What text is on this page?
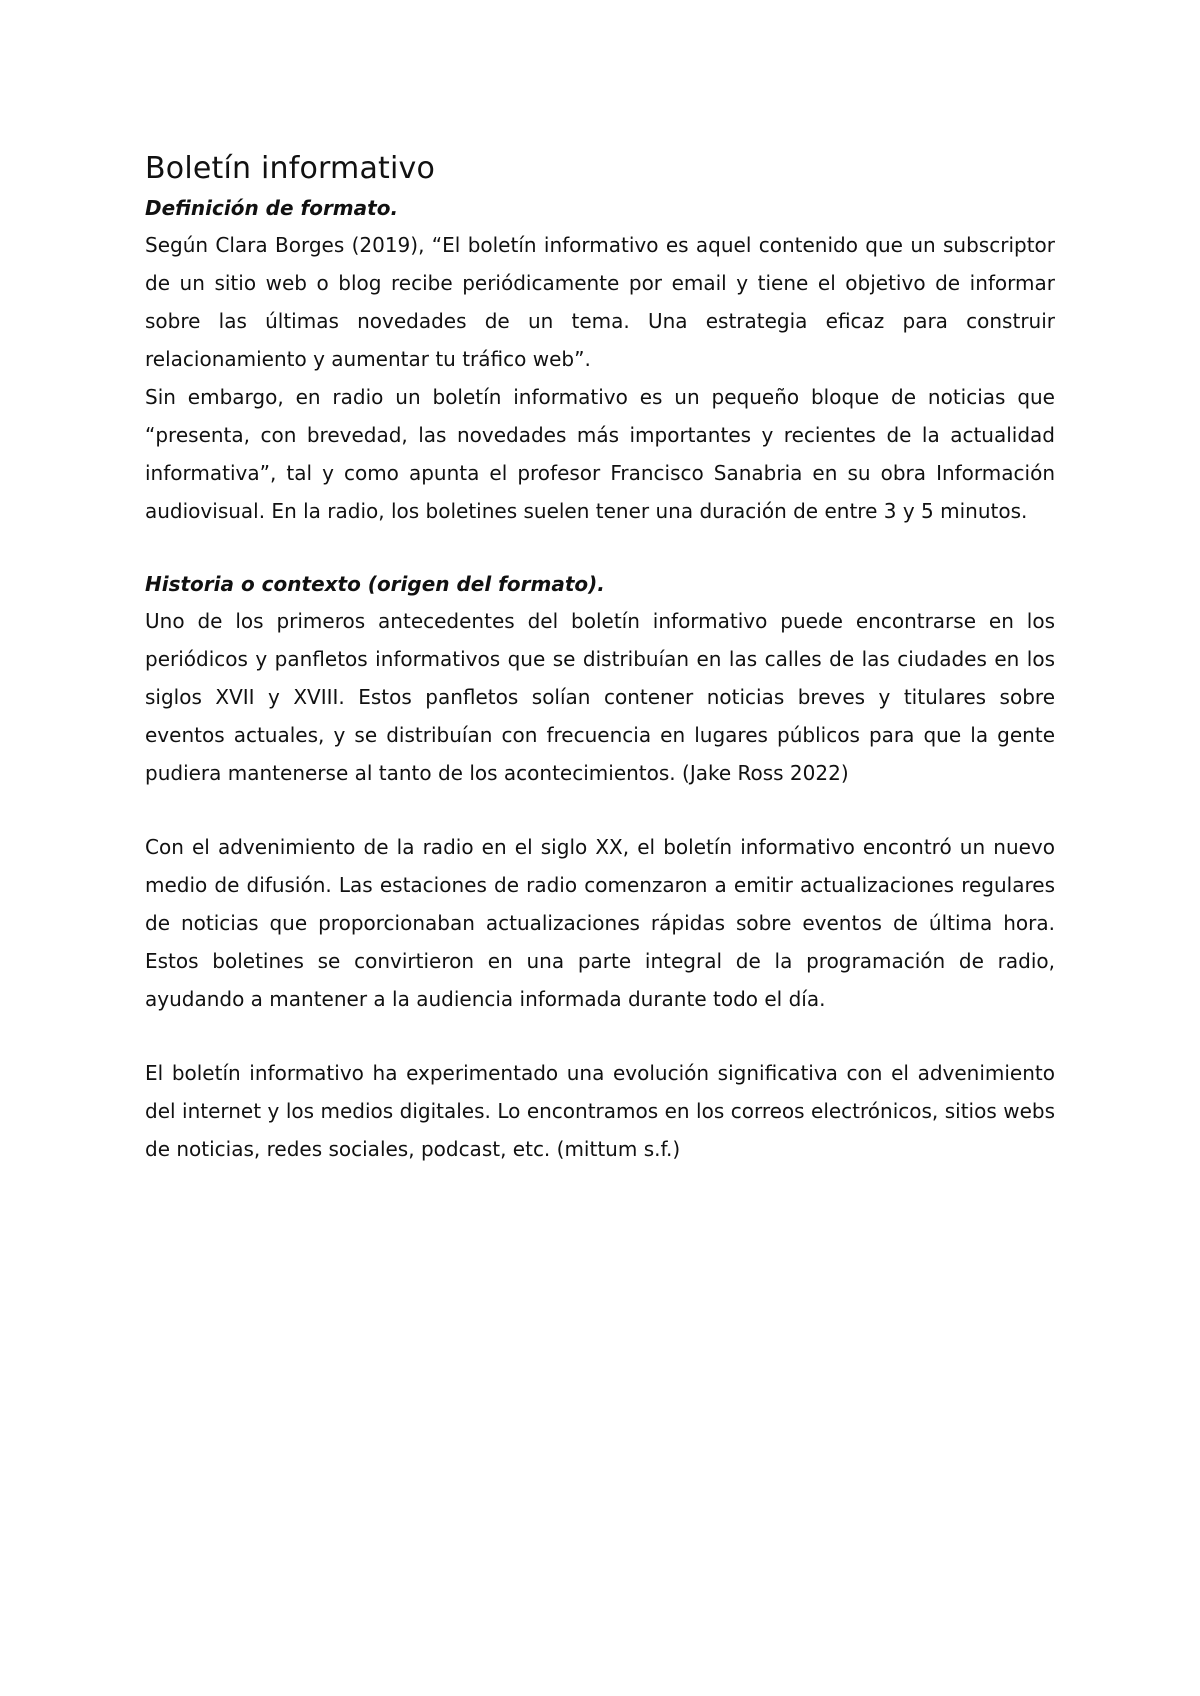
Boletín informativo
Definición de formato.

Según Clara Borges (2019), “El boletín informativo es aquel contenido que un subscriptor de un sitio web o blog recibe periódicamente por email y tiene el objetivo de informar sobre las últimas novedades de un tema. Una estrategia eficaz para construir relacionamiento y aumentar tu tráfico web”.

Sin embargo, en radio un boletín informativo es un pequeño bloque de noticias que “presenta, con brevedad, las novedades más importantes y recientes de la actualidad informativa”, tal y como apunta el profesor Francisco Sanabria en su obra Información audiovisual. En la radio, los boletines suelen tener una duración de entre 3 y 5 minutos.

Historia o contexto (origen del formato).

Uno de los primeros antecedentes del boletín informativo puede encontrarse en los periódicos y panfletos informativos que se distribuían en las calles de las ciudades en los siglos XVII y XVIII. Estos panfletos solían contener noticias breves y titulares sobre eventos actuales, y se distribuían con frecuencia en lugares públicos para que la gente pudiera mantenerse al tanto de los acontecimientos. (Jake Ross 2022)

Con el advenimiento de la radio en el siglo XX, el boletín informativo encontró un nuevo medio de difusión. Las estaciones de radio comenzaron a emitir actualizaciones regulares de noticias que proporcionaban actualizaciones rápidas sobre eventos de última hora. Estos boletines se convirtieron en una parte integral de la programación de radio, ayudando a mantener a la audiencia informada durante todo el día.

El boletín informativo ha experimentado una evolución significativa con el advenimiento del internet y los medios digitales. Lo encontramos en los correos electrónicos, sitios webs de noticias, redes sociales, podcast, etc. (mittum s.f.)
